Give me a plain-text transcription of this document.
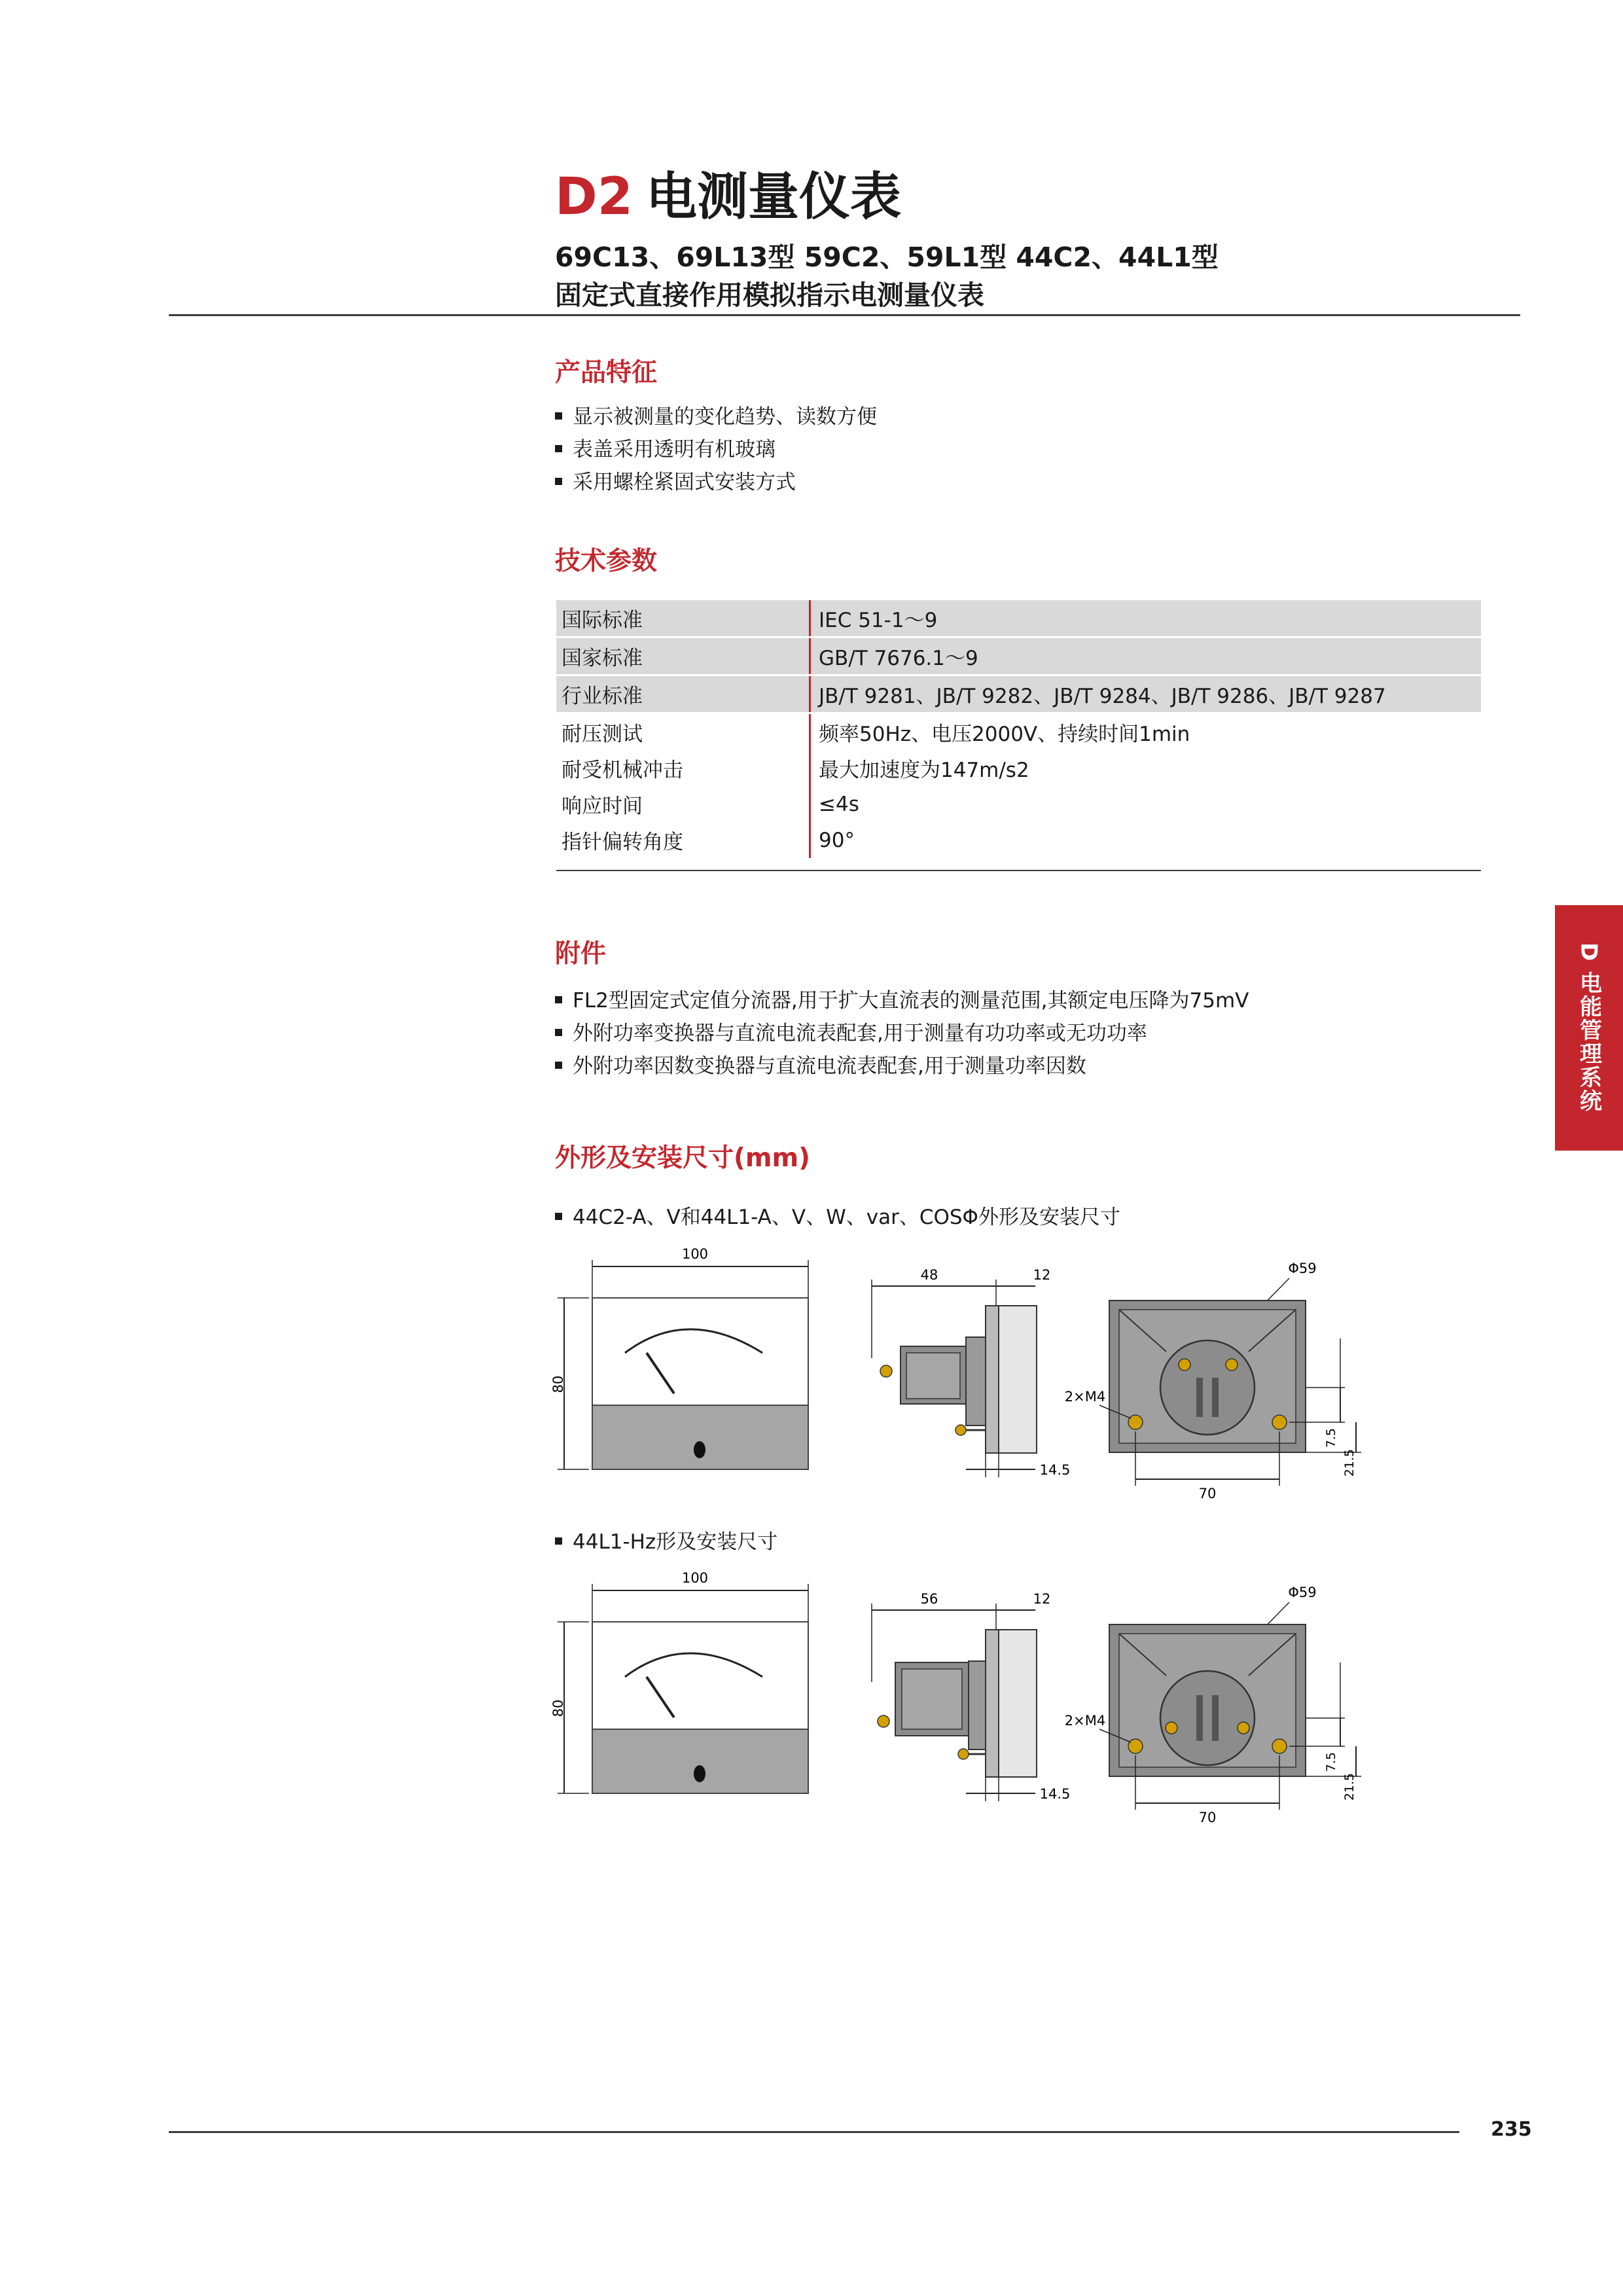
D2 电测量仪表
69C13、69L13型 59C2、59L1型 44C2、44L1型
固定式直接作用模拟指示电测量仪表
产品特征
显示被测量的变化趋势、读数方便
表盖采用透明有机玻璃
采用螺栓紧固式安装方式
技术参数
国际标准	IEC 51-1～9
国家标准	GB/T 7676.1～9
行业标准	JB/T 9281、JB/T 9282、JB/T 9284、JB/T 9286、JB/T 9287
耐压测试	频率50Hz、电压2000V、持续时间1min
耐受机械冲击	最大加速度为147m/s2
响应时间	≤4s
指针偏转角度	90°
附件
FL2型固定式定值分流器,用于扩大直流表的测量范围,其额定电压降为75mV
外附功率变换器与直流电流表配套,用于测量有功功率或无功功率
外附功率因数变换器与直流电流表配套,用于测量功率因数
外形及安装尺寸(mm)
44C2-A、V和44L1-A、V、W、var、COSΦ外形及安装尺寸
44L1-Hz形及安装尺寸
100
80
48	12
14.5
Φ59
2×M4
70
7.5
21.5
100
80
56	12
14.5
Φ59
2×M4
70
7.5
21.5
D 电能管理系统
235
